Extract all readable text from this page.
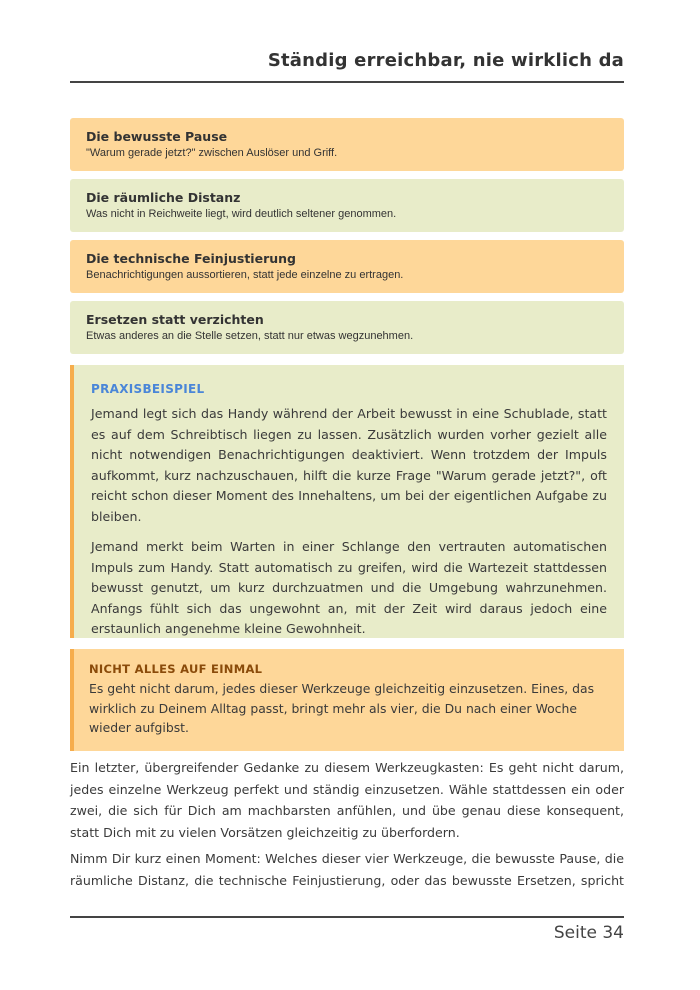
Ständig erreichbar, nie wirklich da
Die bewusste Pause
"Warum gerade jetzt?" zwischen Auslöser und Griff.
Die räumliche Distanz
Was nicht in Reichweite liegt, wird deutlich seltener genommen.
Die technische Feinjustierung
Benachrichtigungen aussortieren, statt jede einzelne zu ertragen.
Ersetzen statt verzichten
Etwas anderes an die Stelle setzen, statt nur etwas wegzunehmen.
PRAXISBEISPIEL

Jemand legt sich das Handy während der Arbeit bewusst in eine Schublade, statt es auf dem Schreibtisch liegen zu lassen. Zusätzlich wurden vorher gezielt alle nicht notwendigen Benachrichtigungen deaktiviert. Wenn trotzdem der Impuls aufkommt, kurz nachzuschauen, hilft die kurze Frage "Warum gerade jetzt?", oft reicht schon dieser Moment des Innehaltens, um bei der eigentlichen Aufgabe zu bleiben.

Jemand merkt beim Warten in einer Schlange den vertrauten automatischen Impuls zum Handy. Statt automatisch zu greifen, wird die Wartezeit stattdessen bewusst genutzt, um kurz durchzuatmen und die Umgebung wahrzunehmen. Anfangs fühlt sich das ungewohnt an, mit der Zeit wird daraus jedoch eine erstaunlich angenehme kleine Gewohnheit.

NICHT ALLES AUF EINMAL

Es geht nicht darum, jedes dieser Werkzeuge gleichzeitig einzusetzen. Eines, das wirklich zu Deinem Alltag passt, bringt mehr als vier, die Du nach einer Woche wieder aufgibst.

Ein letzter, übergreifender Gedanke zu diesem Werkzeugkasten: Es geht nicht darum, jedes einzelne Werkzeug perfekt und ständig einzusetzen. Wähle stattdessen ein oder zwei, die sich für Dich am machbarsten anfühlen, und übe genau diese konsequent, statt Dich mit zu vielen Vorsätzen gleichzeitig zu überfordern.

Nimm Dir kurz einen Moment: Welches dieser vier Werkzeuge, die bewusste Pause, die räumliche Distanz, die technische Feinjustierung, oder das bewusste Ersetzen, spricht

Seite 34
